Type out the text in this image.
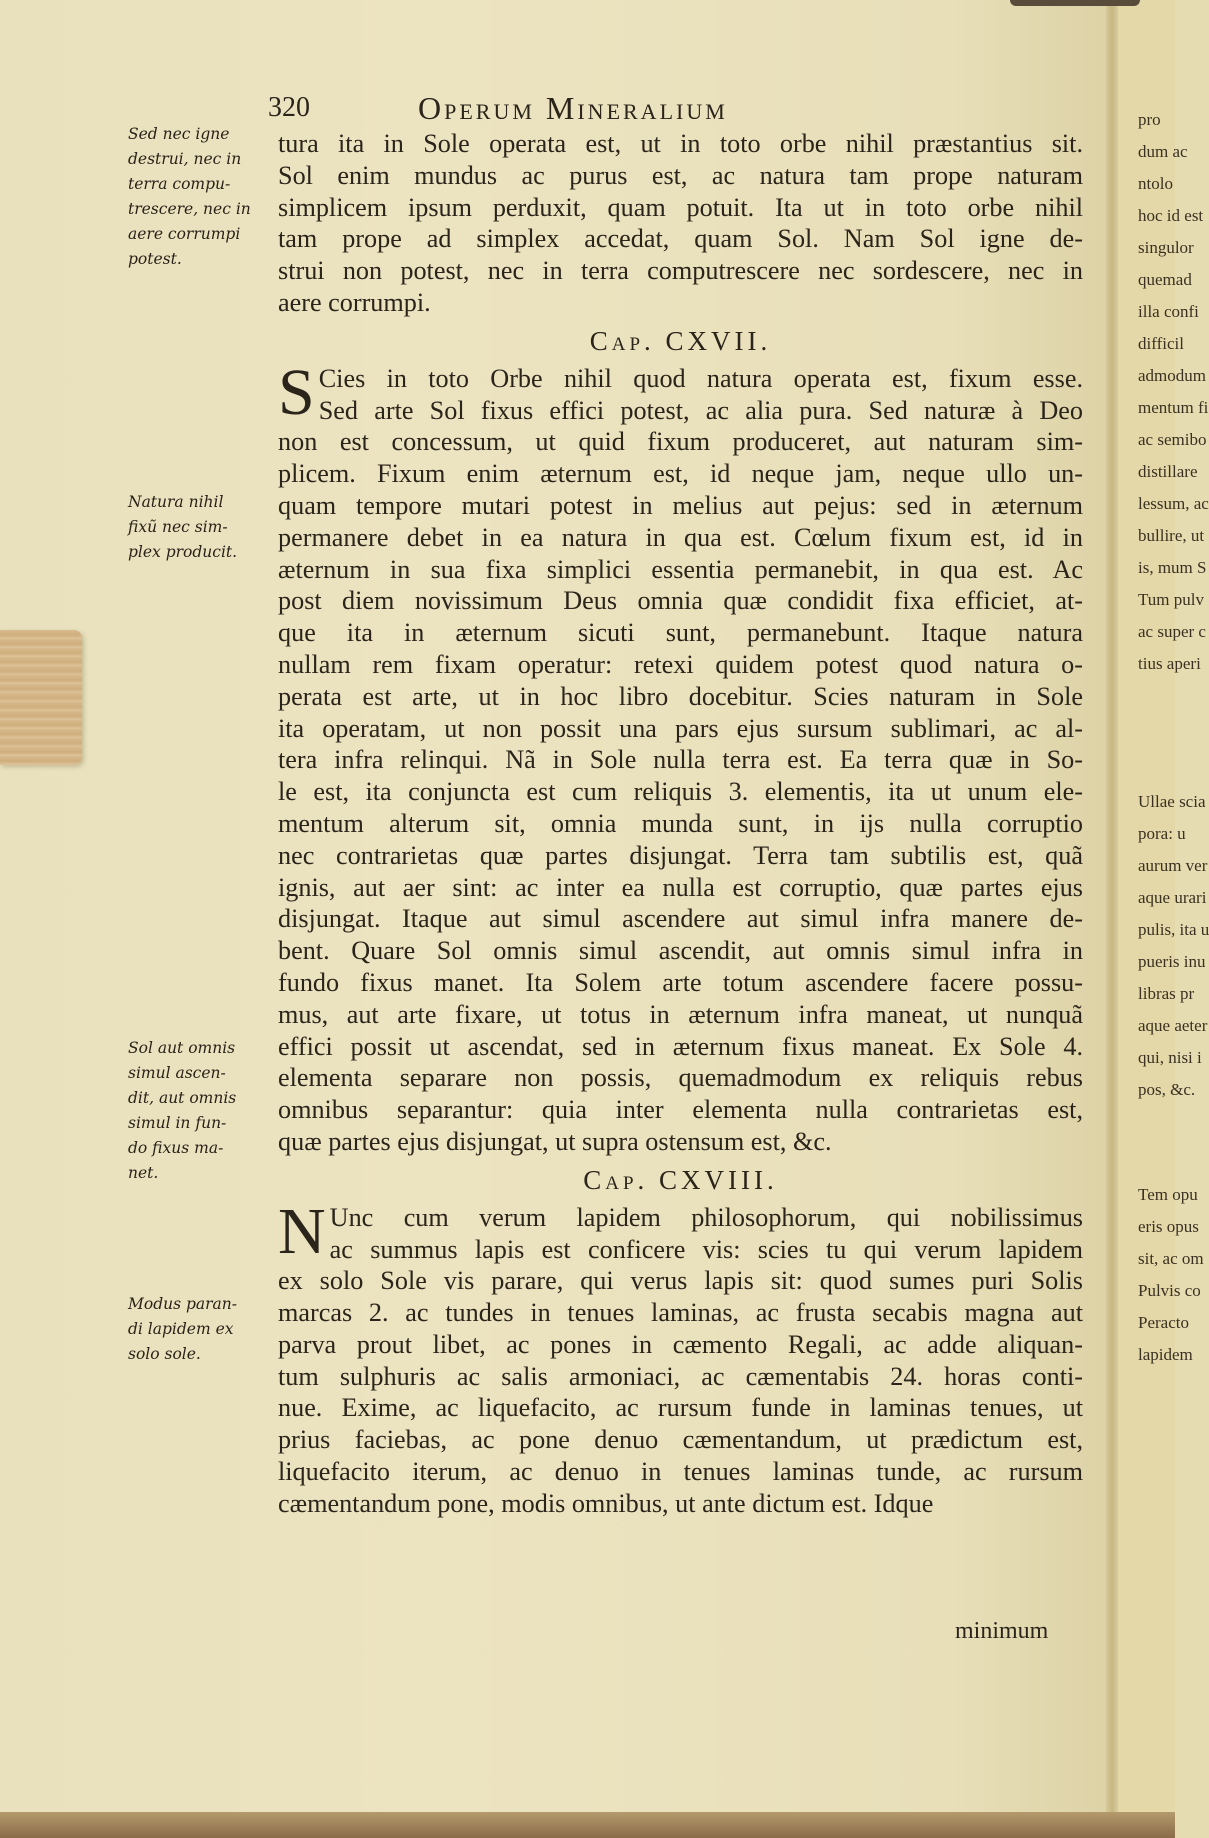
320	Operum Mineralium
Sed nec igne
destrui, nec in
terra compu-
trescere, nec in
aere corrumpi
potest.
Natura nihil
fixũ nec sim-
plex producit.
Sol aut omnis
simul ascen-
dit, aut omnis
simul in fun-
do fixus ma-
net.
Modus paran-
di lapidem ex
solo sole.
tura ita in Sole operata est, ut in toto orbe nihil præstantius sit.
Sol enim mundus ac purus est, ac natura tam prope naturam
simplicem ipsum perduxit, quam potuit. Ita ut in toto orbe nihil
tam prope ad simplex accedat, quam Sol. Nam Sol igne de-
strui non potest, nec in terra computrescere nec sordescere, nec in
aere corrumpi.
Cap. CXVII.
S Cies in toto Orbe nihil quod natura operata est, fixum esse.
Sed arte Sol fixus effici potest, ac alia pura. Sed naturæ à Deo
non est concessum, ut quid fixum produceret, aut naturam sim-
plicem. Fixum enim æternum est, id neque jam, neque ullo un-
quam tempore mutari potest in melius aut pejus: sed in æternum
permanere debet in ea natura in qua est. Cœlum fixum est, id in
æternum in sua fixa simplici essentia permanebit, in qua est. Ac
post diem novissimum Deus omnia quæ condidit fixa efficiet, at-
que ita in æternum sicuti sunt, permanebunt. Itaque natura
nullam rem fixam operatur: retexi quidem potest quod natura o-
perata est arte, ut in hoc libro docebitur. Scies naturam in Sole
ita operatam, ut non possit una pars ejus sursum sublimari, ac al-
tera infra relinqui. Nã in Sole nulla terra est. Ea terra quæ in So-
le est, ita conjuncta est cum reliquis 3. elementis, ita ut unum ele-
mentum alterum sit, omnia munda sunt, in ijs nulla corruptio
nec contrarietas quæ partes disjungat. Terra tam subtilis est, quã
ignis, aut aer sint: ac inter ea nulla est corruptio, quæ partes ejus
disjungat. Itaque aut simul ascendere aut simul infra manere de-
bent. Quare Sol omnis simul ascendit, aut omnis simul infra in
fundo fixus manet. Ita Solem arte totum ascendere facere possu-
mus, aut arte fixare, ut totus in æternum infra maneat, ut nunquã
effici possit ut ascendat, sed in æternum fixus maneat. Ex Sole 4.
elementa separare non possis, quemadmodum ex reliquis rebus
omnibus separantur: quia inter elementa nulla contrarietas est,
quæ partes ejus disjungat, ut supra ostensum est, &c.
Cap. CXVIII.
N Unc cum verum lapidem philosophorum, qui nobilissimus
ac summus lapis est conficere vis: scies tu qui verum lapidem
ex solo Sole vis parare, qui verus lapis sit: quod sumes puri Solis
marcas 2. ac tundes in tenues laminas, ac frusta secabis magna aut
parva prout libet, ac pones in cæmento Regali, ac adde aliquan-
tum sulphuris ac salis armoniaci, ac cæmentabis 24. horas conti-
nue. Exime, ac liquefacito, ac rursum funde in laminas tenues, ut
prius faciebas, ac pone denuo cæmentandum, ut prædictum est,
liquefacito iterum, ac denuo in tenues laminas tunde, ac rursum
cæmentandum pone, modis omnibus, ut ante dictum est. Idque
minimum
pro
dum ac
ntolo
hoc id est
singulor
quemad
illa confi
difficil
admodum
mentum fi
ac semibo
distillare
lessum, ac
bullire, ut
is, mum S
Tum pulv
ac super c
tius aperi
Ullae scia
pora: u
aurum ver
aque urari
pulis, ita u
pueris inu
libras pr
aque aeter
qui, nisi i
pos, &c.
Tem opu
eris opus
sit, ac om
Pulvis co
Peracto
lapidem
